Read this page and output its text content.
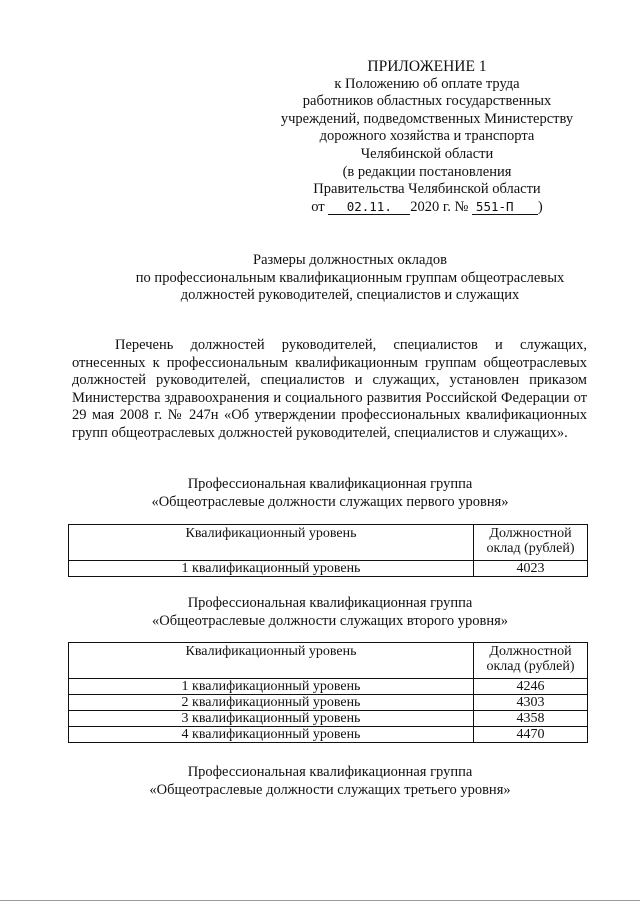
ПРИЛОЖЕНИЕ 1
к Положению об оплате труда
работников областных государственных
учреждений, подведомственных Министерству
дорожного хозяйства и транспорта
Челябинской области
(в редакции постановления
Правительства Челябинской области
от 02.11. 2020 г. № 551-П )
Размеры должностных окладов
по профессиональным квалификационным группам общеотраслевых
должностей руководителей, специалистов и служащих
Перечень должностей руководителей, специалистов и служащих, отнесенных к профессиональным квалификационным группам общеотраслевых должностей руководителей, специалистов и служащих, установлен приказом Министерства здравоохранения и социального развития Российской Федерации от 29 мая 2008 г. № 247н «Об утверждении профессиональных квалификационных групп общеотраслевых должностей руководителей, специалистов и служащих».
Профессиональная квалификационная группа
«Общеотраслевые должности служащих первого уровня»
Квалификационный уровень	Должностной
оклад (рублей)

1 квалификационный уровень	4023
Профессиональная квалификационная группа
«Общеотраслевые должности служащих второго уровня»
Квалификационный уровень	Должностной
оклад (рублей)

1 квалификационный уровень	4246
2 квалификационный уровень	4303
3 квалификационный уровень	4358
4 квалификационный уровень	4470
Профессиональная квалификационная группа
«Общеотраслевые должности служащих третьего уровня»
